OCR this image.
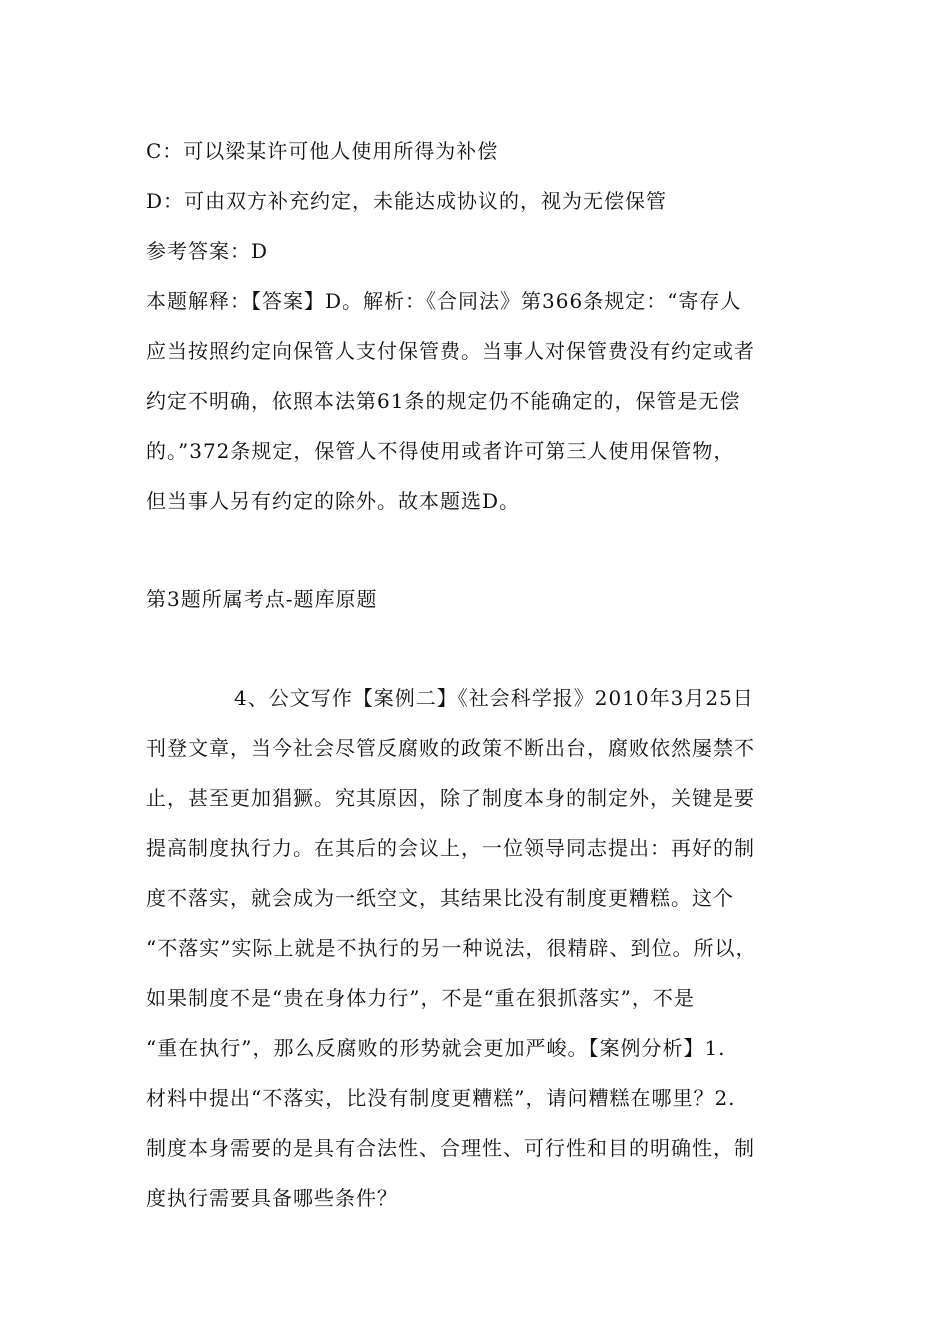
C：可以梁某许可他人使用所得为补偿
D：可由双方补充约定，未能达成协议的，视为无偿保管
参考答案：D
本题解释：【答案】D。解析：《合同法》第366条规定：“寄存人
应当按照约定向保管人支付保管费。当事人对保管费没有约定或者
约定不明确，依照本法第61条的规定仍不能确定的，保管是无偿
的。”372条规定，保管人不得使用或者许可第三人使用保管物，
但当事人另有约定的除外。故本题选D。
第3题所属考点-题库原题
4、公文写作【案例二】《社会科学报》2010年3月25日
刊登文章，当今社会尽管反腐败的政策不断出台，腐败依然屡禁不
止，甚至更加猖獗。究其原因，除了制度本身的制定外，关键是要
提高制度执行力。在其后的会议上，一位领导同志提出：再好的制
度不落实，就会成为一纸空文，其结果比没有制度更糟糕。这个
“不落实”实际上就是不执行的另一种说法，很精辟、到位。所以，
如果制度不是“贵在身体力行”，不是“重在狠抓落实”，不是
“重在执行”，那么反腐败的形势就会更加严峻。【案例分析】1.
材料中提出“不落实，比没有制度更糟糕”，请问糟糕在哪里？2.
制度本身需要的是具有合法性、合理性、可行性和目的明确性，制
度执行需要具备哪些条件？
